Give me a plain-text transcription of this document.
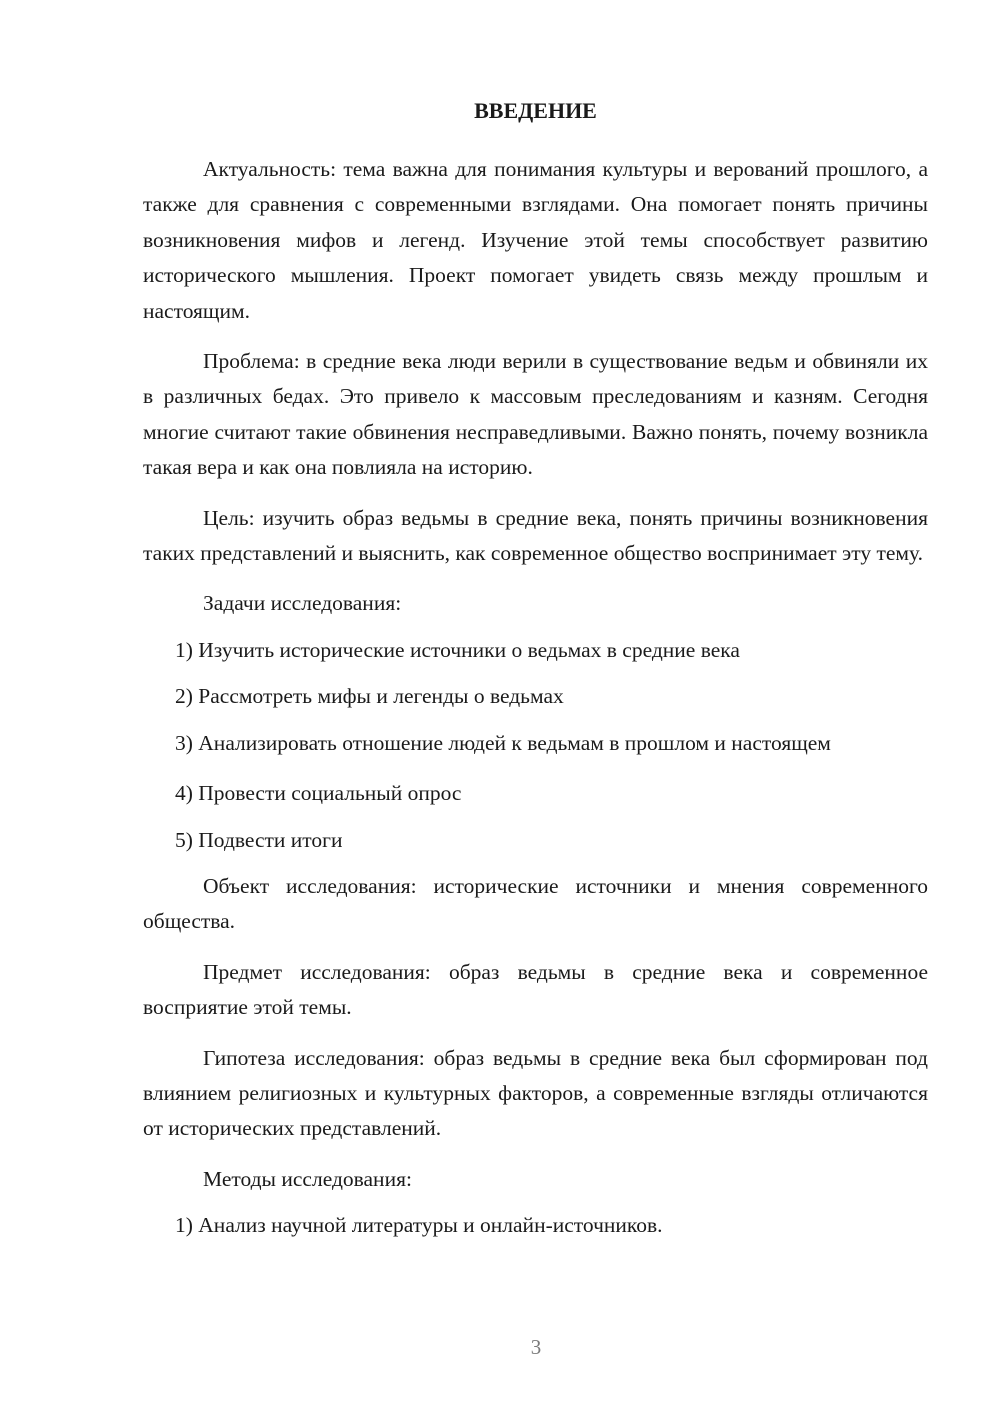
ВВЕДЕНИЕ

Актуальность: тема важна для понимания культуры и верований прошлого, а также для сравнения с современными взглядами. Она помогает понять причины возникновения мифов и легенд. Изучение этой темы способствует развитию исторического мышления. Проект помогает увидеть связь между прошлым и настоящим.

Проблема: в средние века люди верили в существование ведьм и обвиняли их в различных бедах. Это привело к массовым преследованиям и казням. Сегодня многие считают такие обвинения несправедливыми. Важно понять, почему возникла такая вера и как она повлияла на историю.

Цель: изучить образ ведьмы в средние века, понять причины возникновения таких представлений и выяснить, как современное общество воспринимает эту тему.

Задачи исследования:

1) Изучить исторические источники о ведьмах в средние века

2) Рассмотреть мифы и легенды о ведьмах

3) Анализировать отношение людей к ведьмам в прошлом и настоящем

4) Провести социальный опрос

5) Подвести итоги

Объект исследования: исторические источники и мнения современного общества.

Предмет исследования: образ ведьмы в средние века и современное восприятие этой темы.

Гипотеза исследования: образ ведьмы в средние века был сформирован под влиянием религиозных и культурных факторов, а современные взгляды отличаются от исторических представлений.

Методы исследования:

1) Анализ научной литературы и онлайн-источников.

3
